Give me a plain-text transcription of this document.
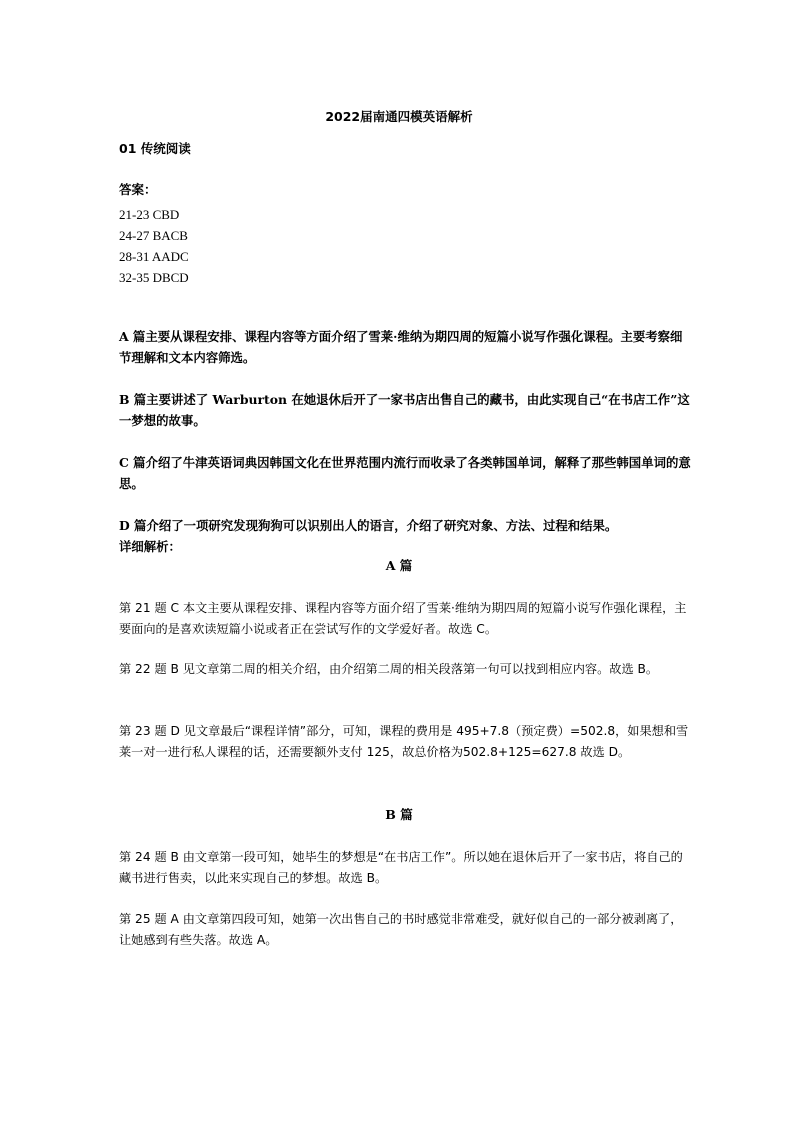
2022届南通四模英语解析
01 传统阅读
答案：
21-23 CBD
24-27 BACB
28-31 AADC
32-35 DBCD

A 篇主要从课程安排、课程内容等方面介绍了雪莱·维纳为期四周的短篇小说写作强化课程。主要考察细节理解和文本内容筛选。

B 篇主要讲述了 Warburton 在她退休后开了一家书店出售自己的藏书，由此实现自己“在书店工作”这一梦想的故事。

C 篇介绍了牛津英语词典因韩国文化在世界范围内流行而收录了各类韩国单词，解释了那些韩国单词的意思。

D 篇介绍了一项研究发现狗狗可以识别出人的语言，介绍了研究对象、方法、过程和结果。

详细解析：
A 篇

第 21 题 C 本文主要从课程安排、课程内容等方面介绍了雪莱·维纳为期四周的短篇小说写作强化课程，主要面向的是喜欢读短篇小说或者正在尝试写作的文学爱好者。故选 C。

第 22 题 B 见文章第二周的相关介绍，由介绍第二周的相关段落第一句可以找到相应内容。故选 B。

第 23 题 D 见文章最后“课程详情”部分，可知，课程的费用是 495+7.8（预定费）=502.8，如果想和雪莱一对一进行私人课程的话，还需要额外支付 125，故总价格为502.8+125=627.8 故选 D。

B 篇

第 24 题 B 由文章第一段可知，她毕生的梦想是“在书店工作”。所以她在退休后开了一家书店，将自己的藏书进行售卖，以此来实现自己的梦想。故选 B。

第 25 题 A 由文章第四段可知，她第一次出售自己的书时感觉非常难受，就好似自己的一部分被剥离了，让她感到有些失落。故选 A。
